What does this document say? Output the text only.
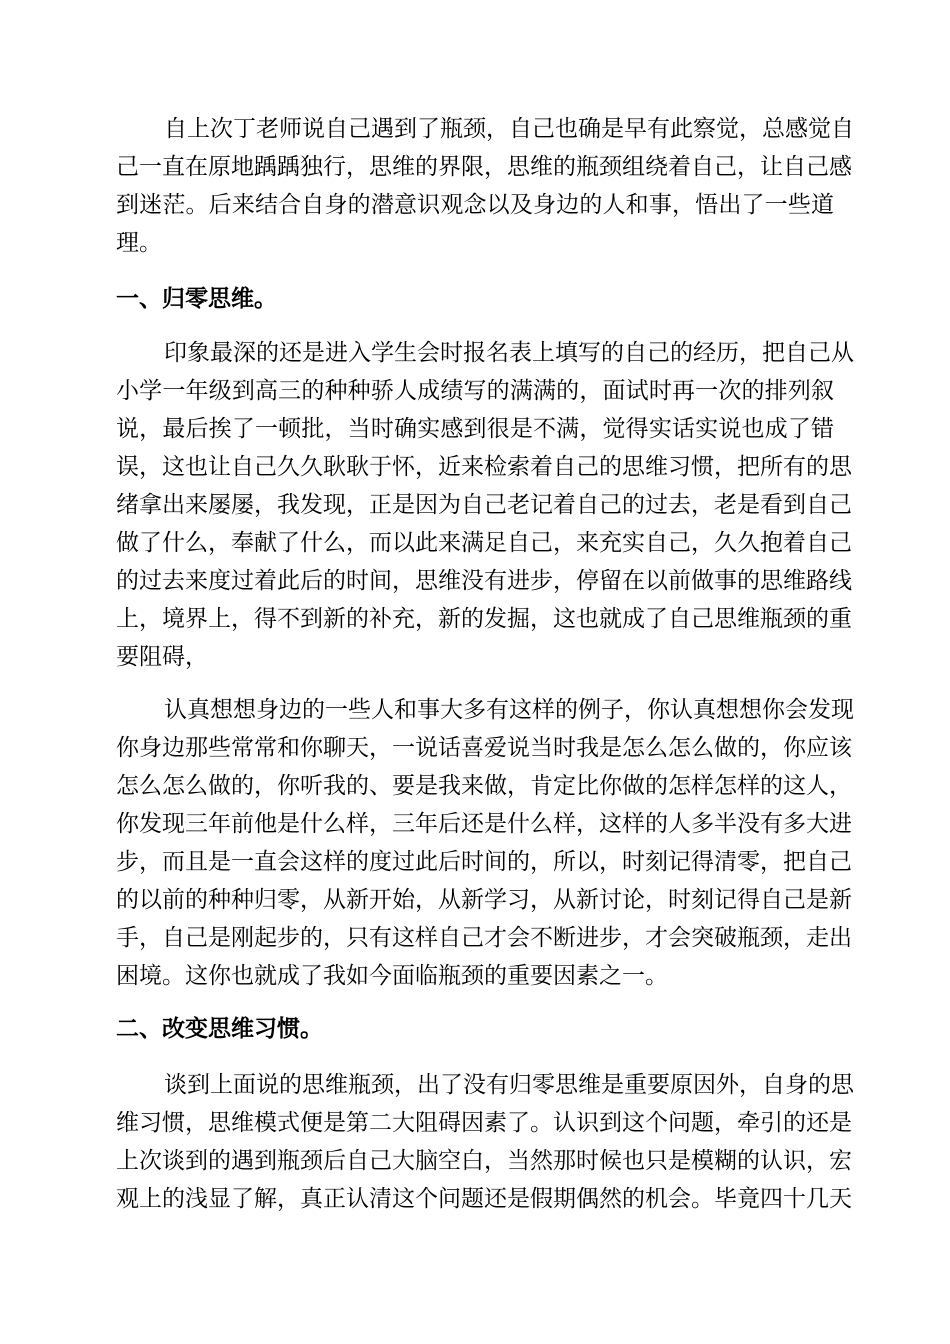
自上次丁老师说自己遇到了瓶颈，自己也确是早有此察觉，总感觉自
己一直在原地踽踽独行，思维的界限，思维的瓶颈组绕着自己，让自己感
到迷茫。后来结合自身的潜意识观念以及身边的人和事，悟出了一些道
理。
一、归零思维。
印象最深的还是进入学生会时报名表上填写的自己的经历，把自己从
小学一年级到高三的种种骄人成绩写的满满的，面试时再一次的排列叙
说，最后挨了一顿批，当时确实感到很是不满，觉得实话实说也成了错
误，这也让自己久久耿耿于怀，近来检索着自己的思维习惯，把所有的思
绪拿出来屡屡，我发现，正是因为自己老记着自己的过去，老是看到自己
做了什么，奉献了什么，而以此来满足自己，来充实自己，久久抱着自己
的过去来度过着此后的时间，思维没有进步，停留在以前做事的思维路线
上，境界上，得不到新的补充，新的发掘，这也就成了自己思维瓶颈的重
要阻碍，
认真想想身边的一些人和事大多有这样的例子，你认真想想你会发现
你身边那些常常和你聊天，一说话喜爱说当时我是怎么怎么做的，你应该
怎么怎么做的，你听我的、要是我来做，肯定比你做的怎样怎样的这人，
你发现三年前他是什么样，三年后还是什么样，这样的人多半没有多大进
步，而且是一直会这样的度过此后时间的，所以，时刻记得清零，把自己
的以前的种种归零，从新开始，从新学习，从新讨论，时刻记得自己是新
手，自己是刚起步的，只有这样自己才会不断进步，才会突破瓶颈，走出
困境。这你也就成了我如今面临瓶颈的重要因素之一。
二、改变思维习惯。
谈到上面说的思维瓶颈，出了没有归零思维是重要原因外，自身的思
维习惯，思维模式便是第二大阻碍因素了。认识到这个问题，牵引的还是
上次谈到的遇到瓶颈后自己大脑空白，当然那时候也只是模糊的认识，宏
观上的浅显了解，真正认清这个问题还是假期偶然的机会。毕竟四十几天
